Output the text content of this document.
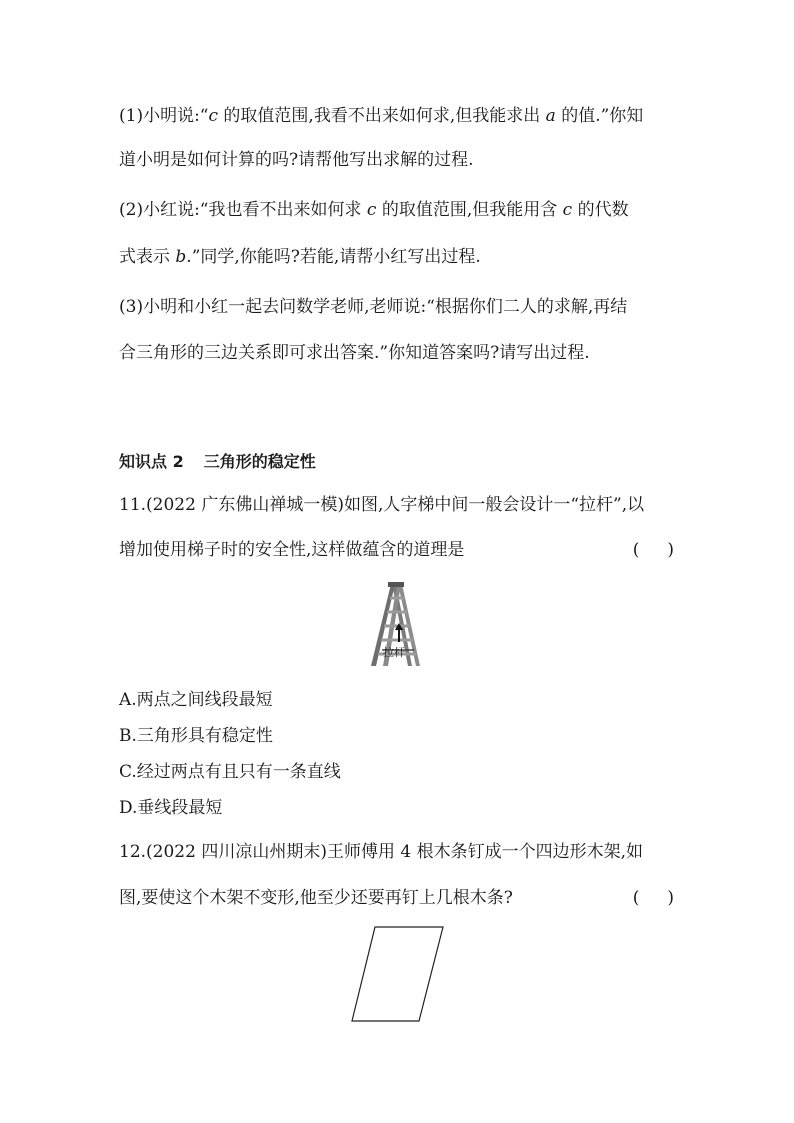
(1)小明说:“c 的取值范围,我看不出来如何求,但我能求出 a 的值.”你知
道小明是如何计算的吗?请帮他写出求解的过程.
(2)小红说:“我也看不出来如何求 c 的取值范围,但我能用含 c 的代数
式表示 b.”同学,你能吗?若能,请帮小红写出过程.
(3)小明和小红一起去问数学老师,老师说:“根据你们二人的求解,再结
合三角形的三边关系即可求出答案.”你知道答案吗?请写出过程.
知识点 2 三角形的稳定性
11.(2022 广东佛山禅城一模)如图,人字梯中间一般会设计一“拉杆”,以
增加使用梯子时的安全性,这样做蕴含的道理是	( )
拉杆
A.两点之间线段最短
B.三角形具有稳定性
C.经过两点有且只有一条直线
D.垂线段最短
12.(2022 四川凉山州期末)王师傅用 4 根木条钉成一个四边形木架,如
图,要使这个木架不变形,他至少还要再钉上几根木条?	( )
